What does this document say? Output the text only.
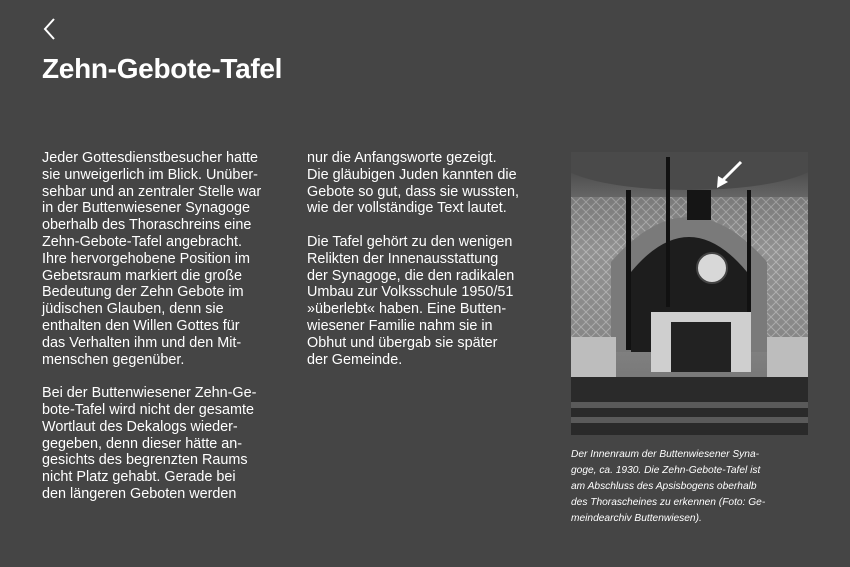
Zehn-Gebote-Tafel

Jeder Gottesdienstbesucher hatte
sie unweigerlich im Blick. Unüber-
sehbar und an zentraler Stelle war
in der Buttenwiesener Synagoge
oberhalb des Thoraschreins eine
Zehn-Gebote-Tafel angebracht.
Ihre hervorgehobene Position im
Gebetsraum markiert die große
Bedeutung der Zehn Gebote im
jüdischen Glauben, denn sie
enthalten den Willen Gottes für
das Verhalten ihm und den Mit-
menschen gegenüber.

Bei der Buttenwiesener Zehn-Ge-
bote-Tafel wird nicht der gesamte
Wortlaut des Dekalogs wieder-
gegeben, denn dieser hätte an-
gesichts des begrenzten Raums
nicht Platz gehabt. Gerade bei
den längeren Geboten werden

nur die Anfangsworte gezeigt.
Die gläubigen Juden kannten die
Gebote so gut, dass sie wussten,
wie der vollständige Text lautet.

Die Tafel gehört zu den wenigen
Relikten der Innenausstattung
der Synagoge, die den radikalen
Umbau zur Volksschule 1950/51
»überlebt« haben. Eine Butten-
wiesener Familie nahm sie in
Obhut und übergab sie später
der Gemeinde.

Der Innenraum der Buttenwiesener Syna-
goge, ca. 1930. Die Zehn-Gebote-Tafel ist
am Abschluss des Apsisbogens oberhalb
des Thorascheines zu erkennen (Foto: Ge-
meindearchiv Buttenwiesen).
